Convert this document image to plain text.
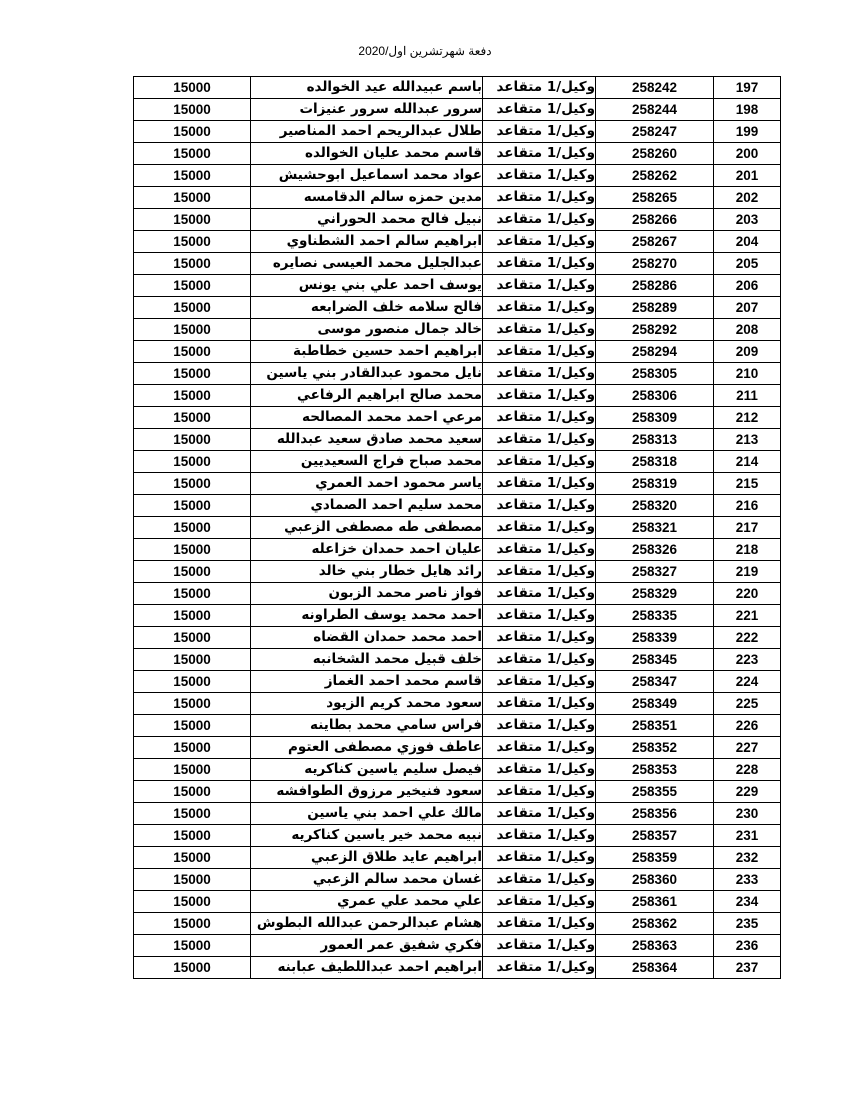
دفعة شهرتشرين اول/2020
15000	باسم عبيدالله عيد الخوالده	وكيل/1 متقاعد	258242	197
15000	سرور عبدالله سرور عنيزات	وكيل/1 متقاعد	258244	198
15000	طلال عبدالريحم احمد المناصير	وكيل/1 متقاعد	258247	199
15000	قاسم محمد عليان الخوالده	وكيل/1 متقاعد	258260	200
15000	عواد محمد اسماعيل ابوحشيش	وكيل/1 متقاعد	258262	201
15000	مدين حمزه سالم الدقامسه	وكيل/1 متقاعد	258265	202
15000	نبيل فالح محمد الحوراني	وكيل/1 متقاعد	258266	203
15000	ابراهيم سالم احمد الشطناوي	وكيل/1 متقاعد	258267	204
15000	عبدالجليل محمد العيسى نصايره	وكيل/1 متقاعد	258270	205
15000	يوسف احمد علي بني يونس	وكيل/1 متقاعد	258286	206
15000	فالح سلامه خلف الضرابعه	وكيل/1 متقاعد	258289	207
15000	خالد جمال منصور موسى	وكيل/1 متقاعد	258292	208
15000	ابراهيم احمد حسين خطاطبة	وكيل/1 متقاعد	258294	209
15000	نايل محمود عبدالقادر بني ياسين	وكيل/1 متقاعد	258305	210
15000	محمد صالح ابراهيم الرفاعي	وكيل/1 متقاعد	258306	211
15000	مرعي احمد محمد المصالحه	وكيل/1 متقاعد	258309	212
15000	سعيد محمد صادق سعيد عبدالله	وكيل/1 متقاعد	258313	213
15000	محمد صباح فراج السعيديين	وكيل/1 متقاعد	258318	214
15000	ياسر محمود احمد العمري	وكيل/1 متقاعد	258319	215
15000	محمد سليم احمد الصمادي	وكيل/1 متقاعد	258320	216
15000	مصطفى طه مصطفى الزعبي	وكيل/1 متقاعد	258321	217
15000	عليان احمد حمدان خزاعله	وكيل/1 متقاعد	258326	218
15000	رائد هايل خطار بني خالد	وكيل/1 متقاعد	258327	219
15000	فواز ناصر محمد الزبون	وكيل/1 متقاعد	258329	220
15000	احمد محمد يوسف الطراونه	وكيل/1 متقاعد	258335	221
15000	احمد محمد حمدان القضاه	وكيل/1 متقاعد	258339	222
15000	خلف قبيل محمد الشخانبه	وكيل/1 متقاعد	258345	223
15000	قاسم محمد احمد الغماز	وكيل/1 متقاعد	258347	224
15000	سعود محمد كريم الزيود	وكيل/1 متقاعد	258349	225
15000	فراس سامي محمد بطاينه	وكيل/1 متقاعد	258351	226
15000	عاطف فوزي مصطفى العتوم	وكيل/1 متقاعد	258352	227
15000	فيصل سليم ياسين كناكريه	وكيل/1 متقاعد	258353	228
15000	سعود فنيخير مرزوق الطوافشه	وكيل/1 متقاعد	258355	229
15000	مالك علي احمد بني ياسين	وكيل/1 متقاعد	258356	230
15000	نبيه محمد خير ياسين كناكريه	وكيل/1 متقاعد	258357	231
15000	ابراهيم عايد طلاق الزعبي	وكيل/1 متقاعد	258359	232
15000	غسان محمد سالم الزعبي	وكيل/1 متقاعد	258360	233
15000	علي محمد علي عمري	وكيل/1 متقاعد	258361	234
15000	هشام عبدالرحمن عبدالله البطوش	وكيل/1 متقاعد	258362	235
15000	فكري شفيق عمر العمور	وكيل/1 متقاعد	258363	236
15000	ابراهيم احمد عبداللطيف عبابنه	وكيل/1 متقاعد	258364	237
